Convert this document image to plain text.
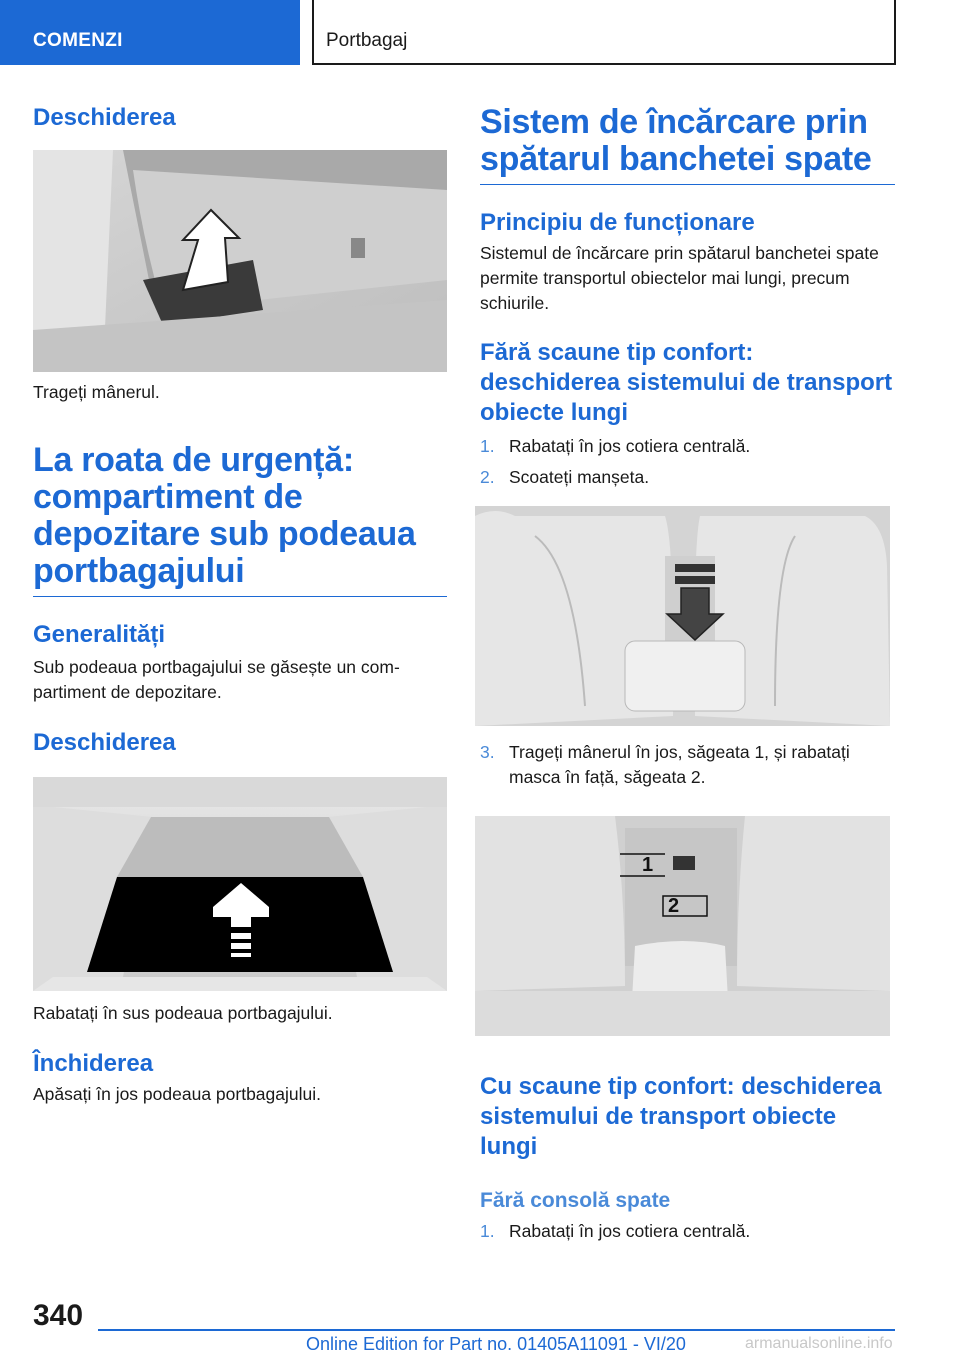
COMENZI	Portbagaj
Deschiderea

Trageți mânerul.

La roata de urgență: compartiment de depozitare sub podeaua portbagajului
Generalități

Sub podeaua portbagajului se găsește un com-partiment de depozitare.

Deschiderea

Rabatați în sus podeaua portbagajului.

Închiderea

Apăsați în jos podeaua portbagajului.

Sistem de încărcare prin spătarul banchetei spate
Principiu de funcționare

Sistemul de încărcare prin spătarul banchetei spate permite transportul obiectelor mai lungi, precum schiurile.

Fără scaune tip confort: deschiderea sistemului de transport obiecte lungi
1. Rabatați în jos cotiera centrală.
2. Scoateți manșeta.
3. Trageți mânerul în jos, săgeata 1, și rabatați masca în față, săgeata 2.
1
2
Cu scaune tip confort: deschiderea sistemului de transport obiecte lungi
Fără consolă spate
1. Rabatați în jos cotiera centrală.
340
Online Edition for Part no. 01405A11091 - VI/20	armanualsonline.info
